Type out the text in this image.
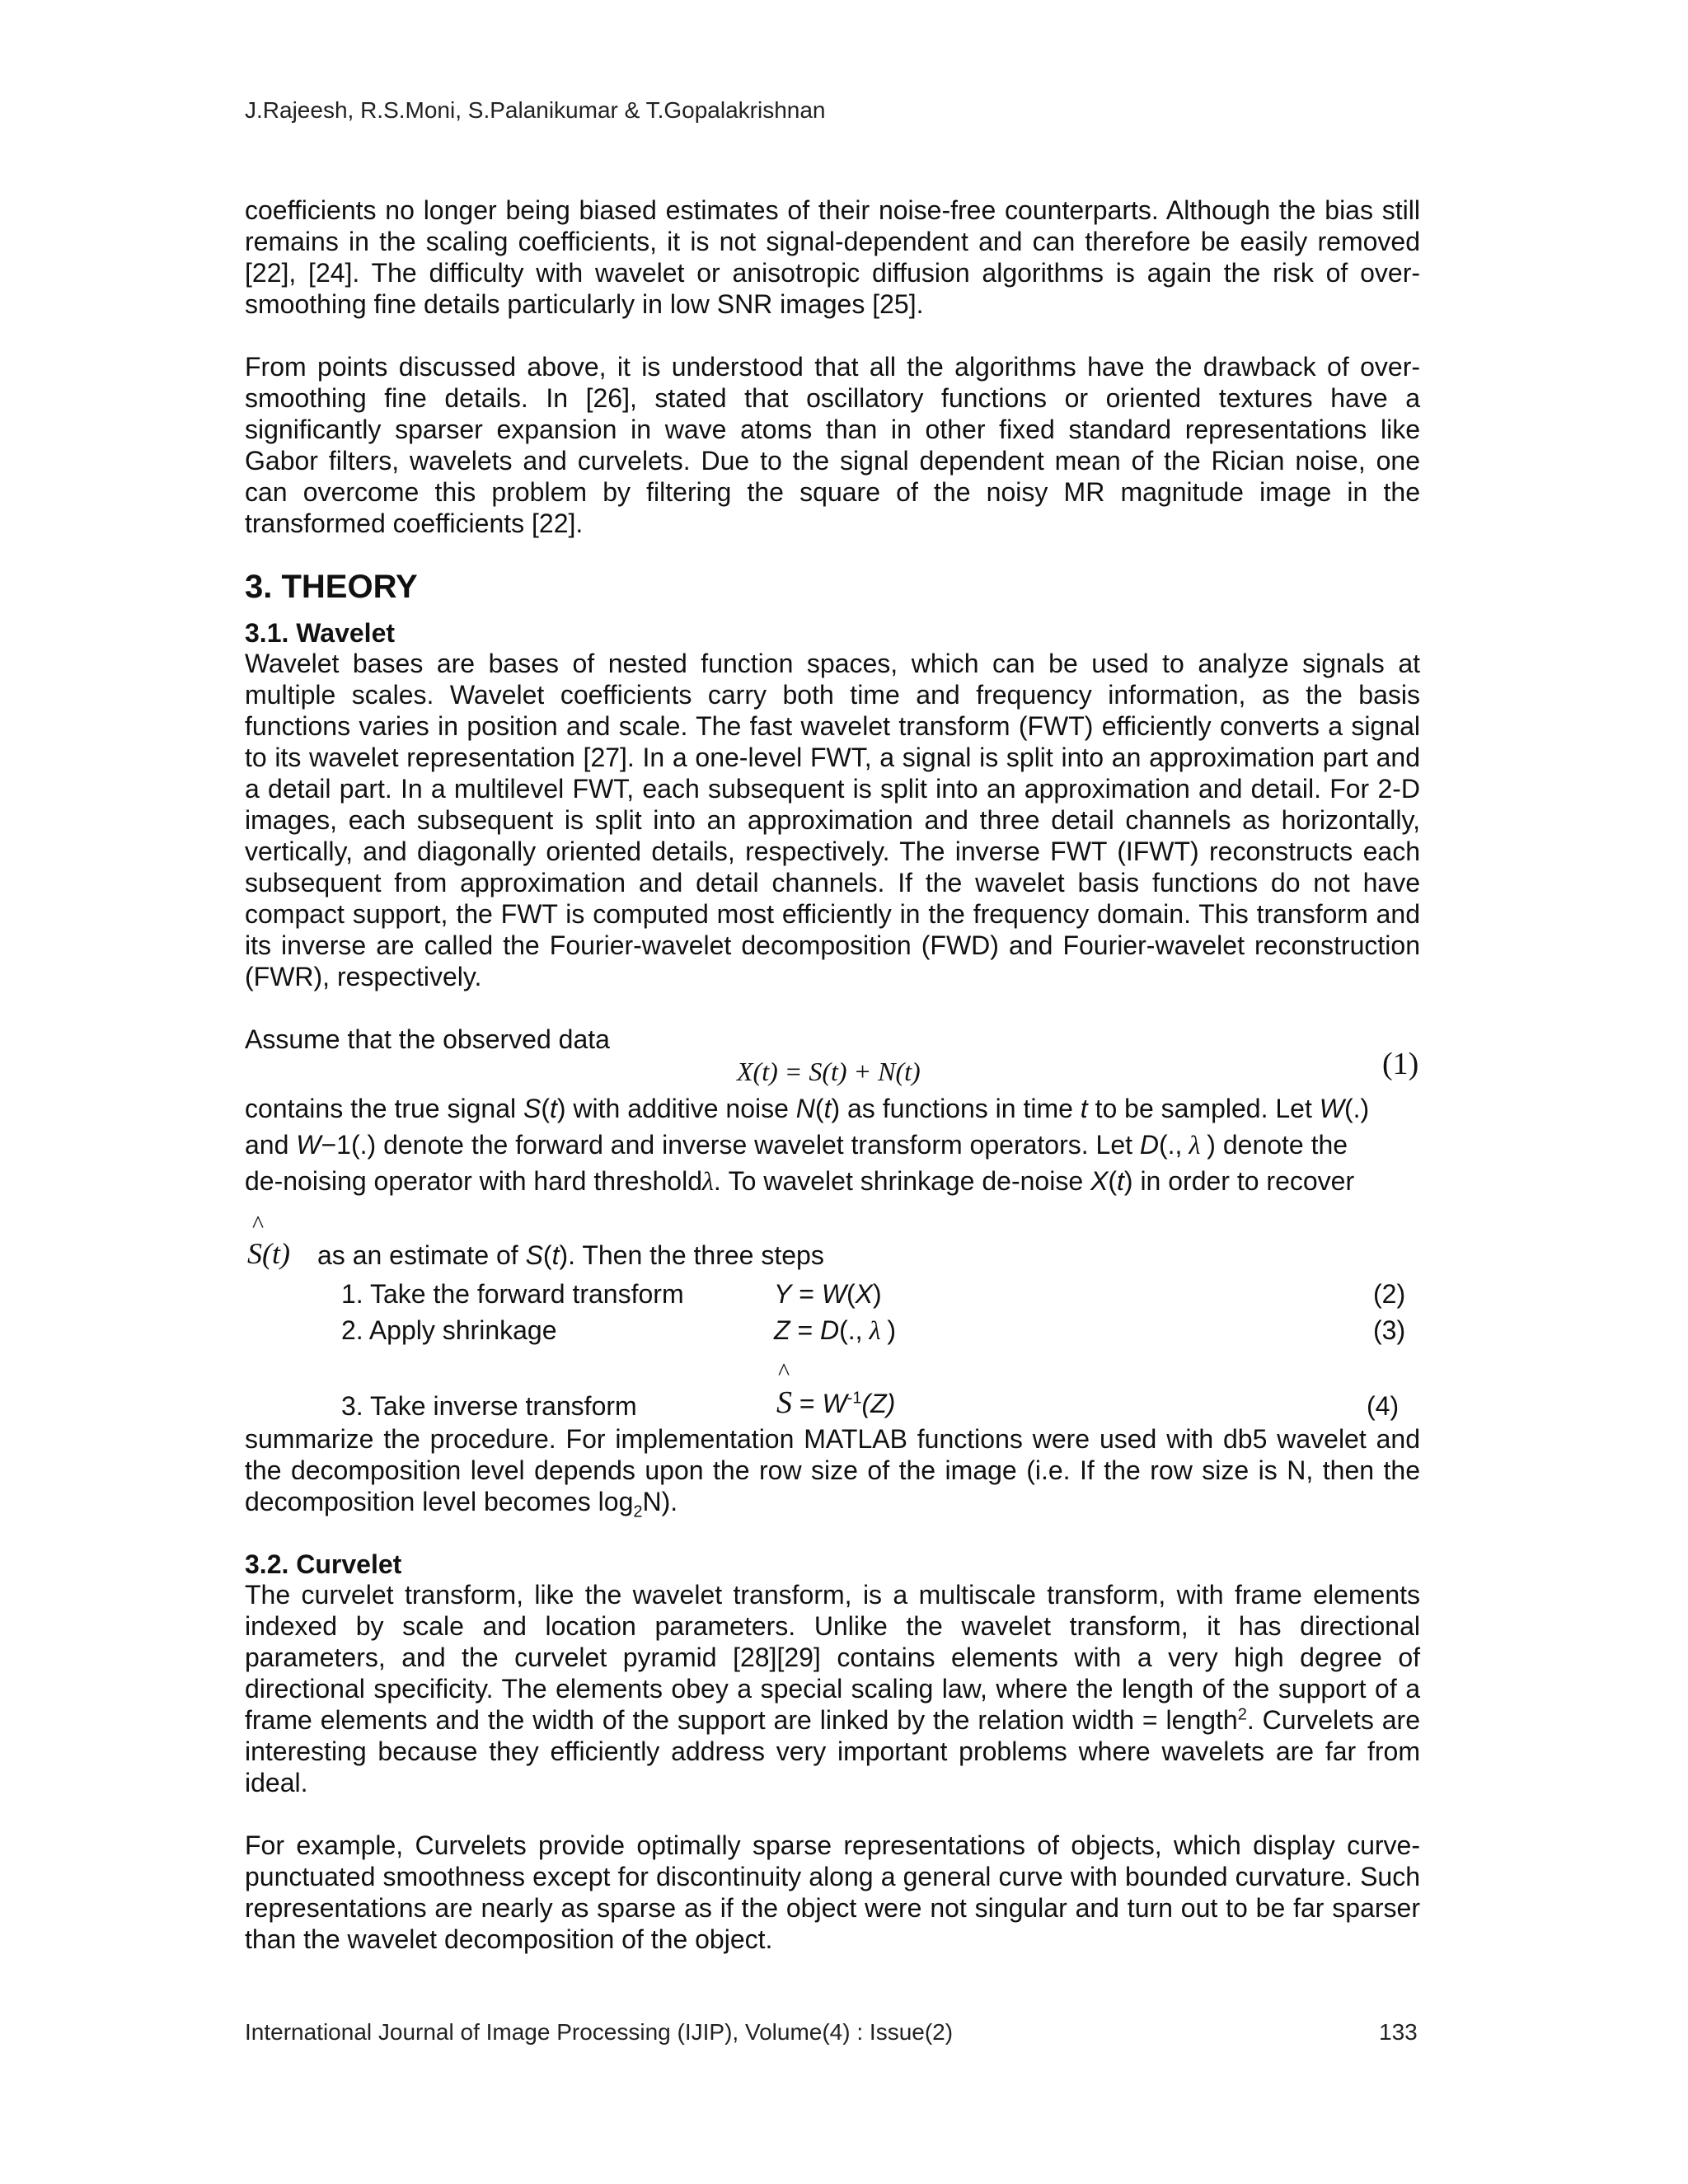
J.Rajeesh, R.S.Moni, S.Palanikumar & T.Gopalakrishnan

coefficients no longer being biased estimates of their noise-free counterparts. Although the bias still remains in the scaling coefficients, it is not signal-dependent and can therefore be easily removed [22], [24]. The difficulty with wavelet or anisotropic diffusion algorithms is again the risk of over-smoothing fine details particularly in low SNR images [25].

From points discussed above, it is understood that all the algorithms have the drawback of over-smoothing fine details. In [26], stated that oscillatory functions or oriented textures have a significantly sparser expansion in wave atoms than in other fixed standard representations like Gabor filters, wavelets and curvelets. Due to the signal dependent mean of the Rician noise, one can overcome this problem by filtering the square of the noisy MR magnitude image in the transformed coefficients [22].

3. THEORY
3.1. Wavelet

Wavelet bases are bases of nested function spaces, which can be used to analyze signals at multiple scales. Wavelet coefficients carry both time and frequency information, as the basis functions varies in position and scale. The fast wavelet transform (FWT) efficiently converts a signal to its wavelet representation [27]. In a one-level FWT, a signal is split into an approximation part and a detail part. In a multilevel FWT, each subsequent is split into an approximation and detail. For 2-D images, each subsequent is split into an approximation and three detail channels as horizontally, vertically, and diagonally oriented details, respectively. The inverse FWT (IFWT) reconstructs each subsequent from approximation and detail channels. If the wavelet basis functions do not have compact support, the FWT is computed most efficiently in the frequency domain. This transform and its inverse are called the Fourier-wavelet decomposition (FWD) and Fourier-wavelet reconstruction (FWR), respectively.

Assume that the observed data
X(t) = S(t) + N(t)	(1)

contains the true signal S(t) with additive noise N(t) as functions in time t to be sampled. Let W(.)

and W−1(.) denote the forward and inverse wavelet transform operators. Let D(., λ ) denote the

de-noising operator with hard thresholdλ. To wavelet shrinkage de-noise X(t) in order to recover

^
S(t) as an estimate of S(t). Then the three steps
1. Take the forward transform	Y = W(X)	(2)
2. Apply shrinkage	Z = D(., λ )	(3)
^
3. Take inverse transform	$S = W^{-1}(Z)$	(4)

summarize the procedure. For implementation MATLAB functions were used with db5 wavelet and the decomposition level depends upon the row size of the image (i.e. If the row size is N, then the decomposition level becomes $\log_2N$).

3.2. Curvelet

The curvelet transform, like the wavelet transform, is a multiscale transform, with frame elements indexed by scale and location parameters. Unlike the wavelet transform, it has directional parameters, and the curvelet pyramid [28][29] contains elements with a very high degree of directional specificity. The elements obey a special scaling law, where the length of the support of a frame elements and the width of the support are linked by the relation width = length$^2$. Curvelets are interesting because they efficiently address very important problems where wavelets are far from ideal.

For example, Curvelets provide optimally sparse representations of objects, which display curve-punctuated smoothness except for discontinuity along a general curve with bounded curvature. Such representations are nearly as sparse as if the object were not singular and turn out to be far sparser than the wavelet decomposition of the object.

International Journal of Image Processing (IJIP), Volume(4) : Issue(2)	133
